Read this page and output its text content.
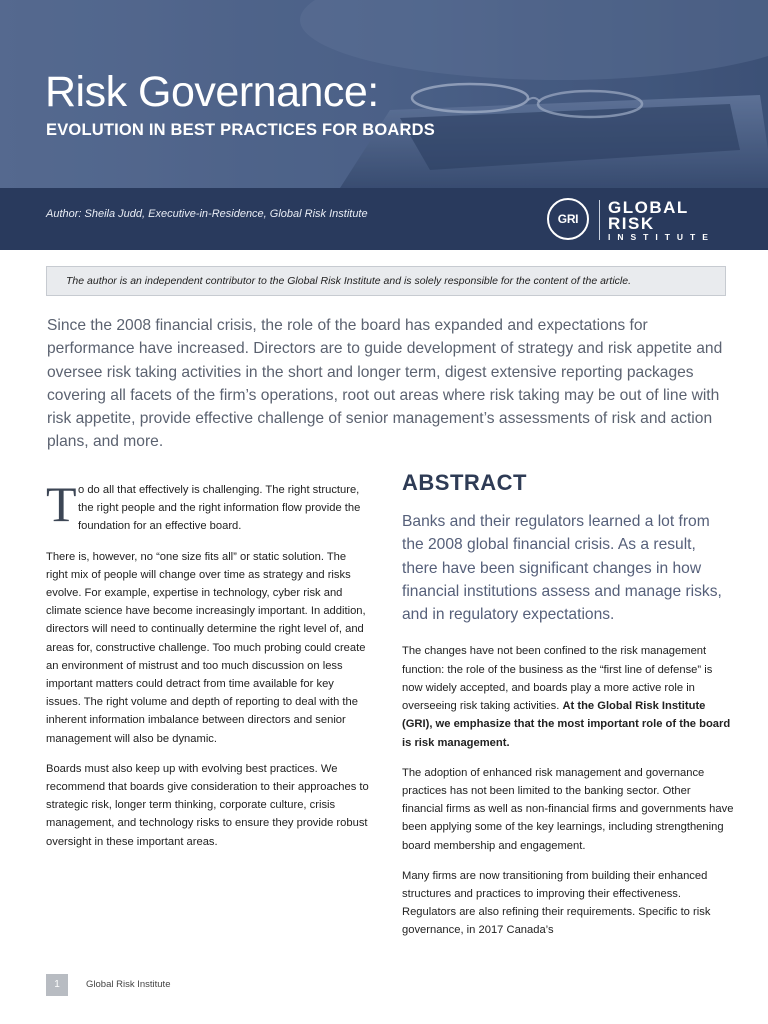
Risk Governance:
EVOLUTION IN BEST PRACTICES FOR BOARDS
Author: Sheila Judd, Executive-in-Residence, Global Risk Institute	GRI
GLOBAL
RISK
INSTITUTE
The author is an independent contributor to the Global Risk Institute and is solely responsible for the content of the article.

Since the 2008 financial crisis, the role of the board has expanded and expectations for performance have increased. Directors are to guide development of strategy and risk appetite and oversee risk taking activities in the short and longer term, digest extensive reporting packages covering all facets of the firm’s operations, root out areas where risk taking may be out of line with risk appetite, provide effective challenge of senior management’s assessments of risk and action plans, and more.

T o do all that effectively is challenging. The right structure, the right people and the right information flow provide the foundation for an effective board.

There is, however, no “one size fits all” or static solution. The right mix of people will change over time as strategy and risks evolve. For example, expertise in technology, cyber risk and climate science have become increasingly important. In addition, directors will need to continually determine the right level of, and areas for, constructive challenge. Too much probing could create an environment of mistrust and too much discussion on less important matters could detract from time available for key issues. The right volume and depth of reporting to deal with the inherent information imbalance between directors and senior management will also be dynamic.

Boards must also keep up with evolving best practices. We recommend that boards give consideration to their approaches to strategic risk, longer term thinking, corporate culture, crisis management, and technology risks to ensure they provide robust oversight in these important areas.

ABSTRACT

Banks and their regulators learned a lot from the 2008 global financial crisis. As a result, there have been significant changes in how financial institutions assess and manage risks, and in regulatory expectations.

The changes have not been confined to the risk management function: the role of the business as the “first line of defense” is now widely accepted, and boards play a more active role in overseeing risk taking activities. At the Global Risk Institute (GRI), we emphasize that the most important role of the board is risk management.

The adoption of enhanced risk management and governance practices has not been limited to the banking sector. Other financial firms as well as non-financial firms and governments have been applying some of the key learnings, including strengthening board membership and engagement.

Many firms are now transitioning from building their enhanced structures and practices to improving their effectiveness. Regulators are also refining their requirements. Specific to risk governance, in 2017 Canada’s

1	Global Risk Institute
